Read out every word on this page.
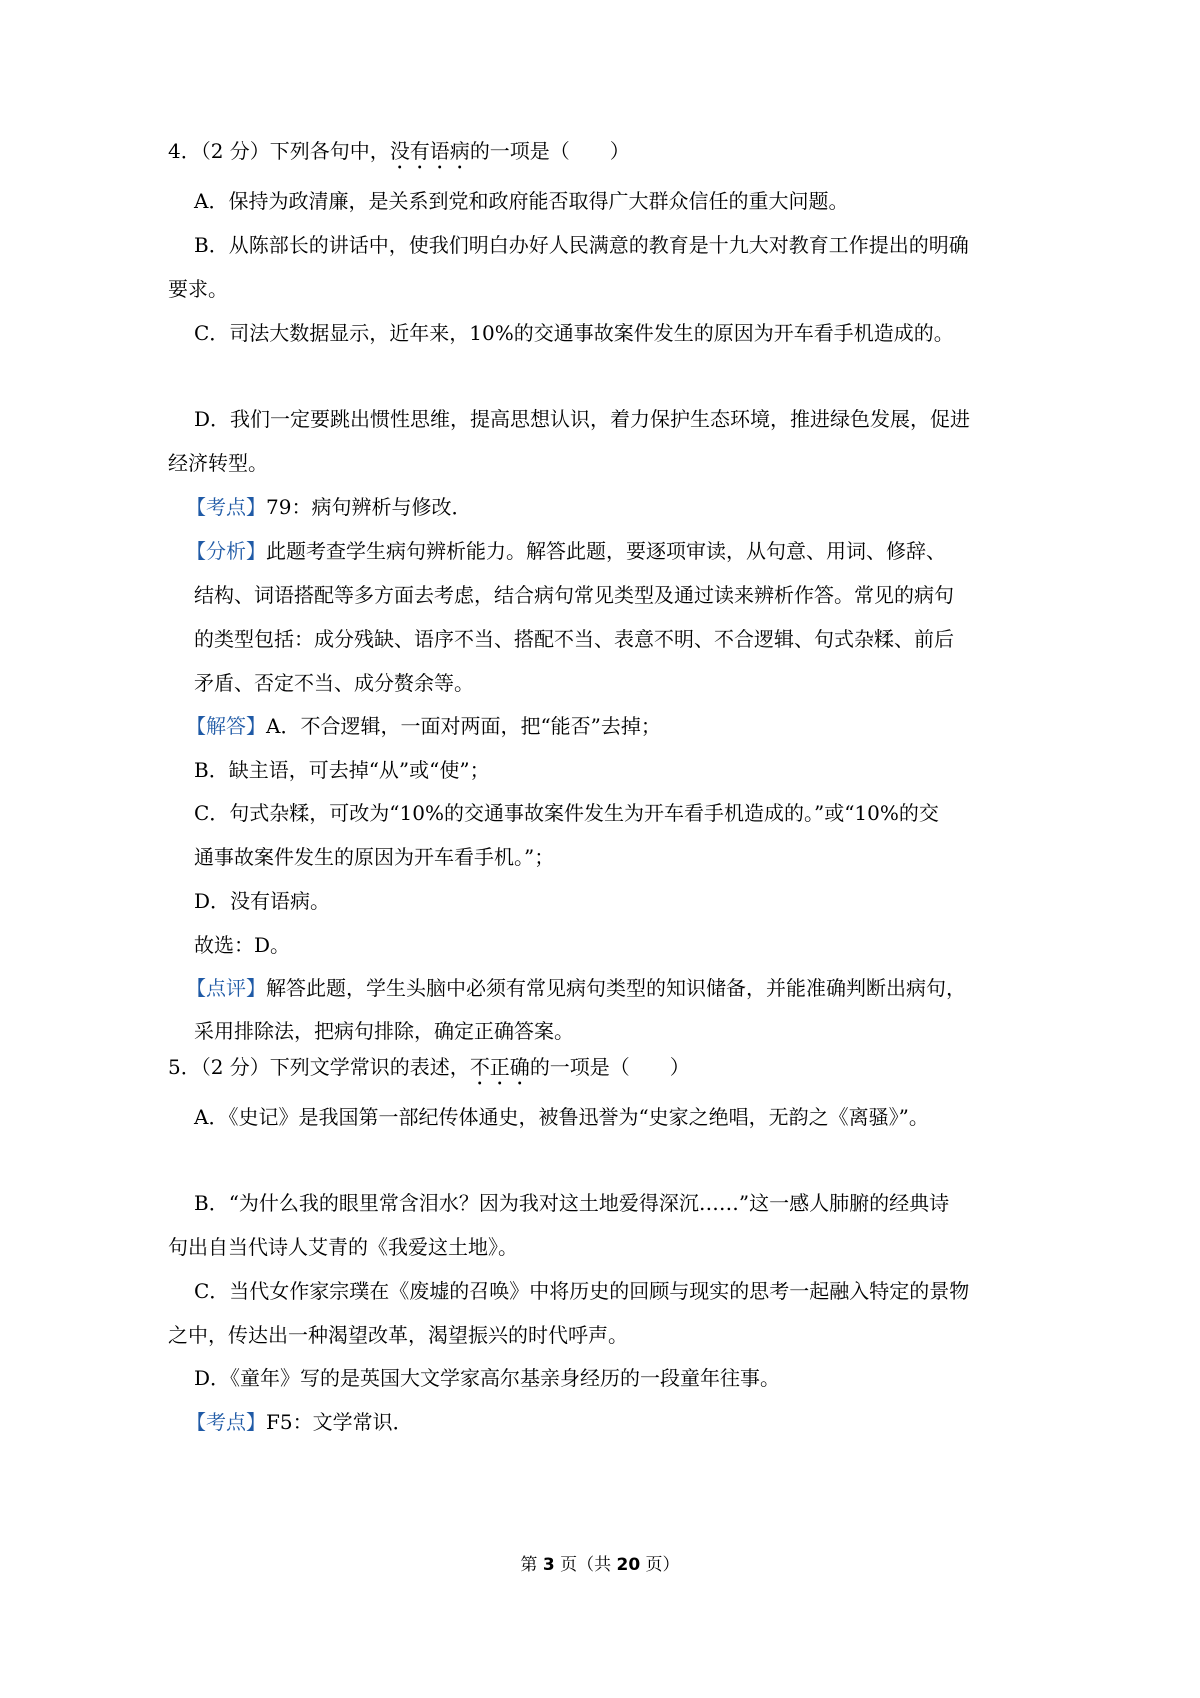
4．（2 分）下列各句中，没有语病的一项是（　　）
A．保持为政清廉，是关系到党和政府能否取得广大群众信任的重大问题。
B．从陈部长的讲话中，使我们明白办好人民满意的教育是十九大对教育工作提出的明确
要求。
C．司法大数据显示，近年来，10%的交通事故案件发生的原因为开车看手机造成的。
D．我们一定要跳出惯性思维，提高思想认识，着力保护生态环境，推进绿色发展，促进
经济转型。
【考点】79：病句辨析与修改．
【分析】此题考查学生病句辨析能力。解答此题，要逐项审读，从句意、用词、修辞、
结构、词语搭配等多方面去考虑，结合病句常见类型及通过读来辨析作答。常见的病句
的类型包括：成分残缺、语序不当、搭配不当、表意不明、不合逻辑、句式杂糅、前后
矛盾、否定不当、成分赘余等。
【解答】A．不合逻辑，一面对两面，把“能否”去掉；
B．缺主语，可去掉“从”或“使”；
C．句式杂糅，可改为“10%的交通事故案件发生为开车看手机造成的。”或“10%的交
通事故案件发生的原因为开车看手机。”；
D．没有语病。
故选：D。
【点评】解答此题，学生头脑中必须有常见病句类型的知识储备，并能准确判断出病句，
采用排除法，把病句排除，确定正确答案。
5．（2 分）下列文学常识的表述，不正确的一项是（　　）
A．《史记》是我国第一部纪传体通史，被鲁迅誉为“史家之绝唱，无韵之《离骚》”。
B．“为什么我的眼里常含泪水？因为我对这土地爱得深沉……”这一感人肺腑的经典诗
句出自当代诗人艾青的《我爱这土地》。
C．当代女作家宗璞在《废墟的召唤》中将历史的回顾与现实的思考一起融入特定的景物
之中，传达出一种渴望改革，渴望振兴的时代呼声。
D．《童年》写的是英国大文学家高尔基亲身经历的一段童年往事。
【考点】F5：文学常识．
第 3 页（共 20 页）
